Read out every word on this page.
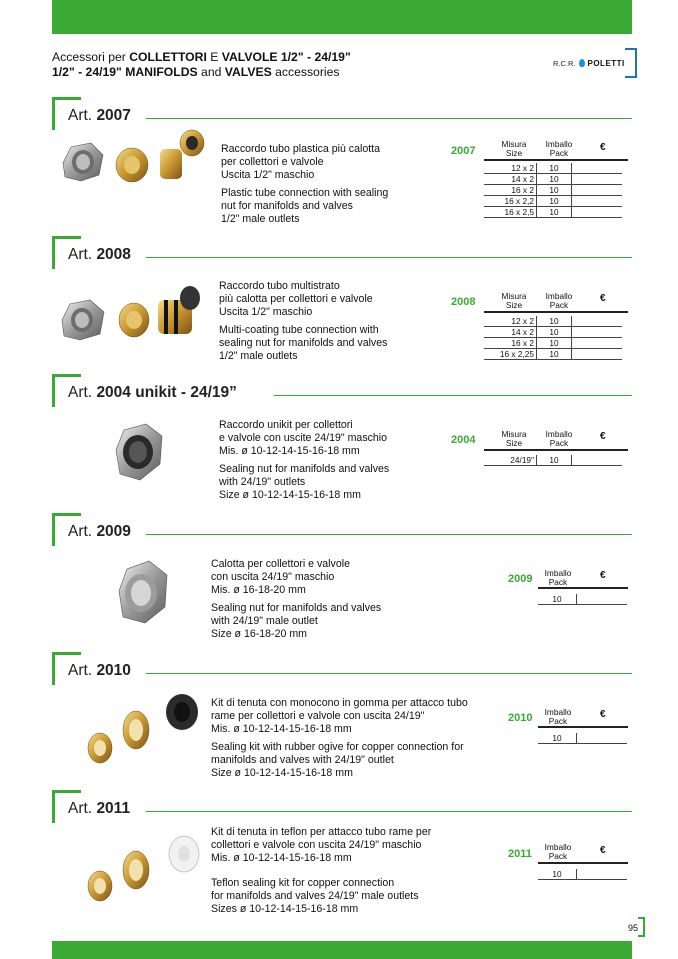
Accessori per COLLETTORI E VALVOLE 1/2" - 24/19"
1/2" - 24/19" MANIFOLDS and VALVES accessories
R.C.R. POLETTI
Art. 2007

Raccordo tubo plastica più calotta
per collettori e valvole
Uscita 1/2" maschio

Plastic tube connection with sealing
nut for manifolds and valves
1/2" male outlets

2007
Misura
Size
Imballo
Pack	€
12 x 2	10	
14 x 2	10	
16 x 2	10	
16 x 2,2	10	
16 x 2,5	10	
Art. 2008

Raccordo tubo multistrato
più calotta per collettori e valvole
Uscita 1/2" maschio

Multi-coating tube connection with
sealing nut for manifolds and valves
1/2" male outlets

2008	Misura
Size
Imballo
Pack
€
12 x 2	10	
14 x 2	10	
16 x 2	10	
16 x 2,25	10	
Art. 2004 unikit - 24/19”

Raccordo unikit per collettori
e valvole con uscite 24/19" maschio
Mis. ø 10-12-14-15-16-18 mm

Sealing nut for manifolds and valves
with 24/19" outlets
Size ø 10-12-14-15-16-18 mm

2004	Misura
Size
Imballo
Pack
€
24/19"	10	
Art. 2009

Calotta per collettori e valvole
con uscita 24/19" maschio
Mis. ø 16-18-20 mm

Sealing nut for manifolds and valves
with 24/19" male outlet
Size ø 16-18-20 mm

2009	Imballo
Pack
€
10	
Art. 2010

Kit di tenuta con monocono in gomma per attacco tubo
rame per collettori e valvole con uscita 24/19"
Mis. ø 10-12-14-15-16-18 mm

Sealing kit with rubber ogive for copper connection for
manifolds and valves with 24/19" outlet
Size ø 10-12-14-15-16-18 mm

2010	Imballo
Pack
€
10	
Art. 2011

Kit di tenuta in teflon per attacco tubo rame per
collettori e valvole con uscita 24/19" maschio
Mis. ø 10-12-14-15-16-18 mm

Teflon sealing kit for copper connection
for manifolds and valves 24/19" male outlets
Sizes ø 10-12-14-15-16-18 mm

2011
Imballo
Pack	€
10	
95
